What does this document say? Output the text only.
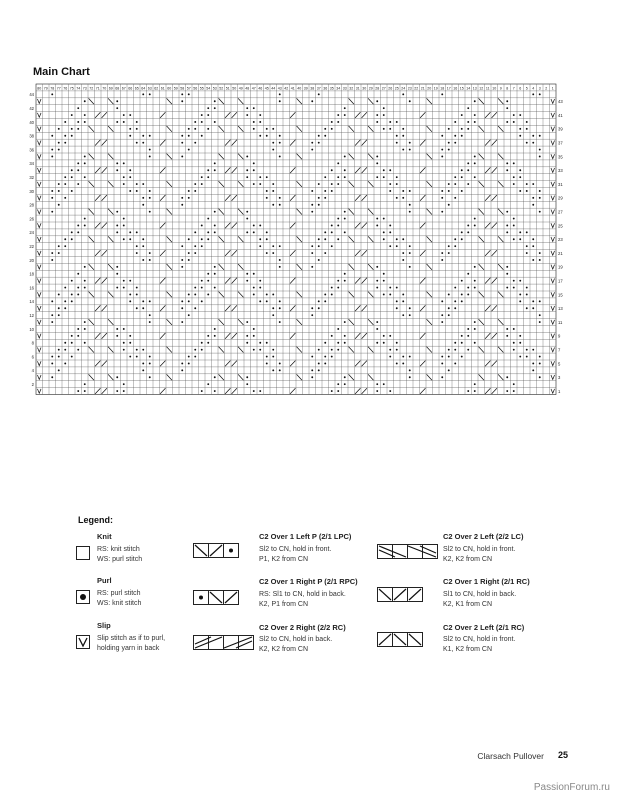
Main Chart
80 79 78 77 76 75 74 73 72 71 70 69 68 67 66 65 64 63 62 61 60 59 58 57 56 55 54 53 52 51 50 49 48 47 46 45 44 43 42 41 40 39 38 37 36 35 34 33 32 31 30 29 28 27 26 25 24 23 22 21 20 19 18 17 16 15 14 13 12 11 10 9 8 7 6 5 4 3 2 1
1
3
5
7
9
11
13
15
17
19
21
23
25
27
29
31
33
35
37
39
41
43
2
4
6
8
10
12
14
16
18
20
22
24
26
28
30
32
34
36
38
40
42
44
Legend:
Knit
RS: knit stitch
WS: purl stitch
Purl
RS: purl stitch
WS: knit stitch
Slip
Slip stitch as if to purl,
holding yarn in back
C2 Over 1 Left P (2/1 LPC)
Sl2 to CN, hold in front.
P1, K2 from CN
C2 Over 1 Right P (2/1 RPC)
RS: Sl1 to CN, hold in back.
K2, P1 from CN
C2 Over 2 Right (2/2 RC)
Sl2 to CN, hold in back.
K2, K2 from CN
C2 Over 2 Left (2/2 LC)
Sl2 to CN, hold in front.
K2, K2 from CN
C2 Over 1 Right (2/1 RC)
Sl1 to CN, hold in back.
K2, K1 from CN
C2 Over 2 Left (2/1 RC)
Sl2 to CN, hold in front.
K1, K2 from CN
Clarsach Pullover 25
PassionForum.ru
